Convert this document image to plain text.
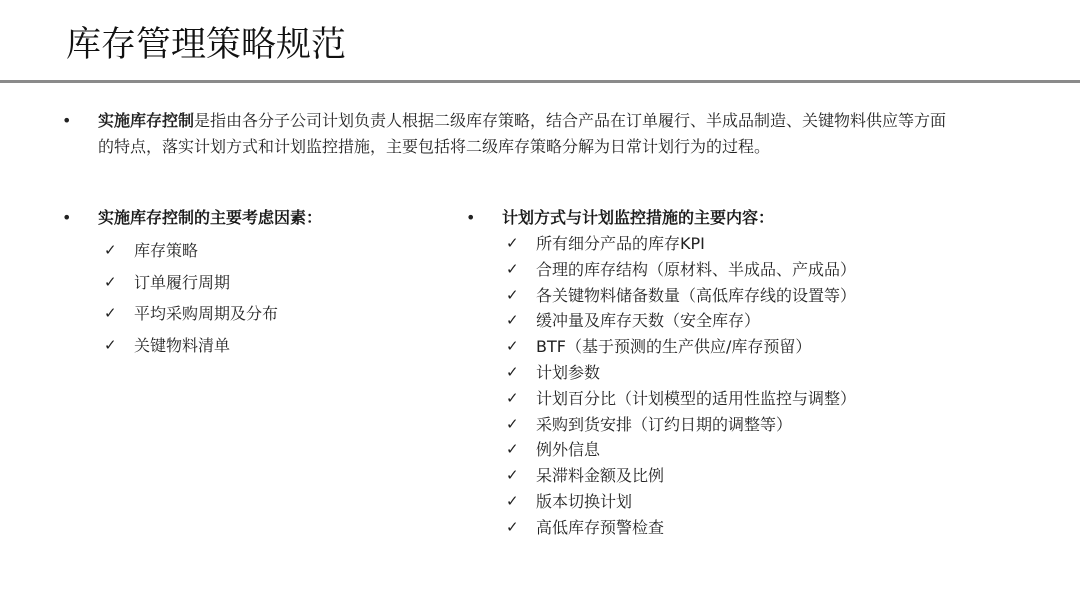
库存管理策略规范
•	实施库存控制是指由各分子公司计划负责人根据二级库存策略，结合产品在订单履行、半成品制造、关键物料供应等方面
的特点，落实计划方式和计划监控措施，主要包括将二级库存策略分解为日常计划行为的过程。
•	实施库存控制的主要考虑因素：
✓	库存策略
✓	订单履行周期
✓	平均采购周期及分布
✓	关键物料清单
•	计划方式与计划监控措施的主要内容：
✓	所有细分产品的库存KPI
✓	合理的库存结构（原材料、半成品、产成品）
✓	各关键物料储备数量（高低库存线的设置等）
✓	缓冲量及库存天数（安全库存）
✓	BTF（基于预测的生产供应/库存预留）
✓	计划参数
✓	计划百分比（计划模型的适用性监控与调整）
✓	采购到货安排（订约日期的调整等）
✓	例外信息
✓	呆滞料金额及比例
✓	版本切换计划
✓	高低库存预警检查
